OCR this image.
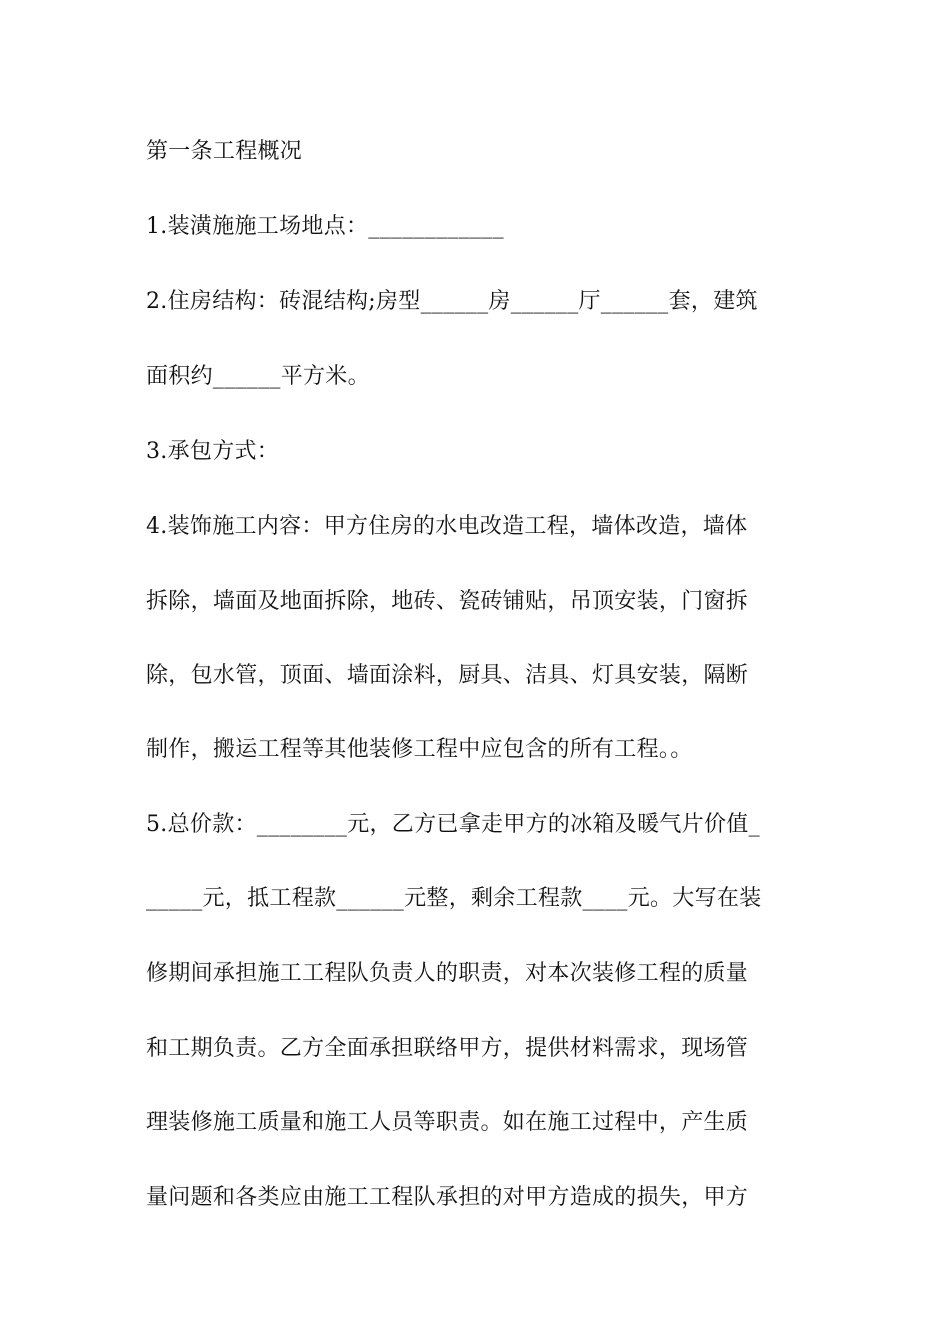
第一条工程概况
1.装潢施施工场地点：____________
2.住房结构：砖混结构;房型______房______厅______套，建筑
面积约______平方米。
3.承包方式：
4.装饰施工内容：甲方住房的水电改造工程，墙体改造，墙体
拆除，墙面及地面拆除，地砖、瓷砖铺贴，吊顶安装，门窗拆
除，包水管，顶面、墙面涂料，厨具、洁具、灯具安装，隔断
制作，搬运工程等其他装修工程中应包含的所有工程。。
5.总价款：________元，乙方已拿走甲方的冰箱及暖气片价值_
_____元，抵工程款______元整，剩余工程款____元。大写在装
修期间承担施工工程队负责人的职责，对本次装修工程的质量
和工期负责。乙方全面承担联络甲方，提供材料需求，现场管
理装修施工质量和施工人员等职责。如在施工过程中，产生质
量问题和各类应由施工工程队承担的对甲方造成的损失，甲方
